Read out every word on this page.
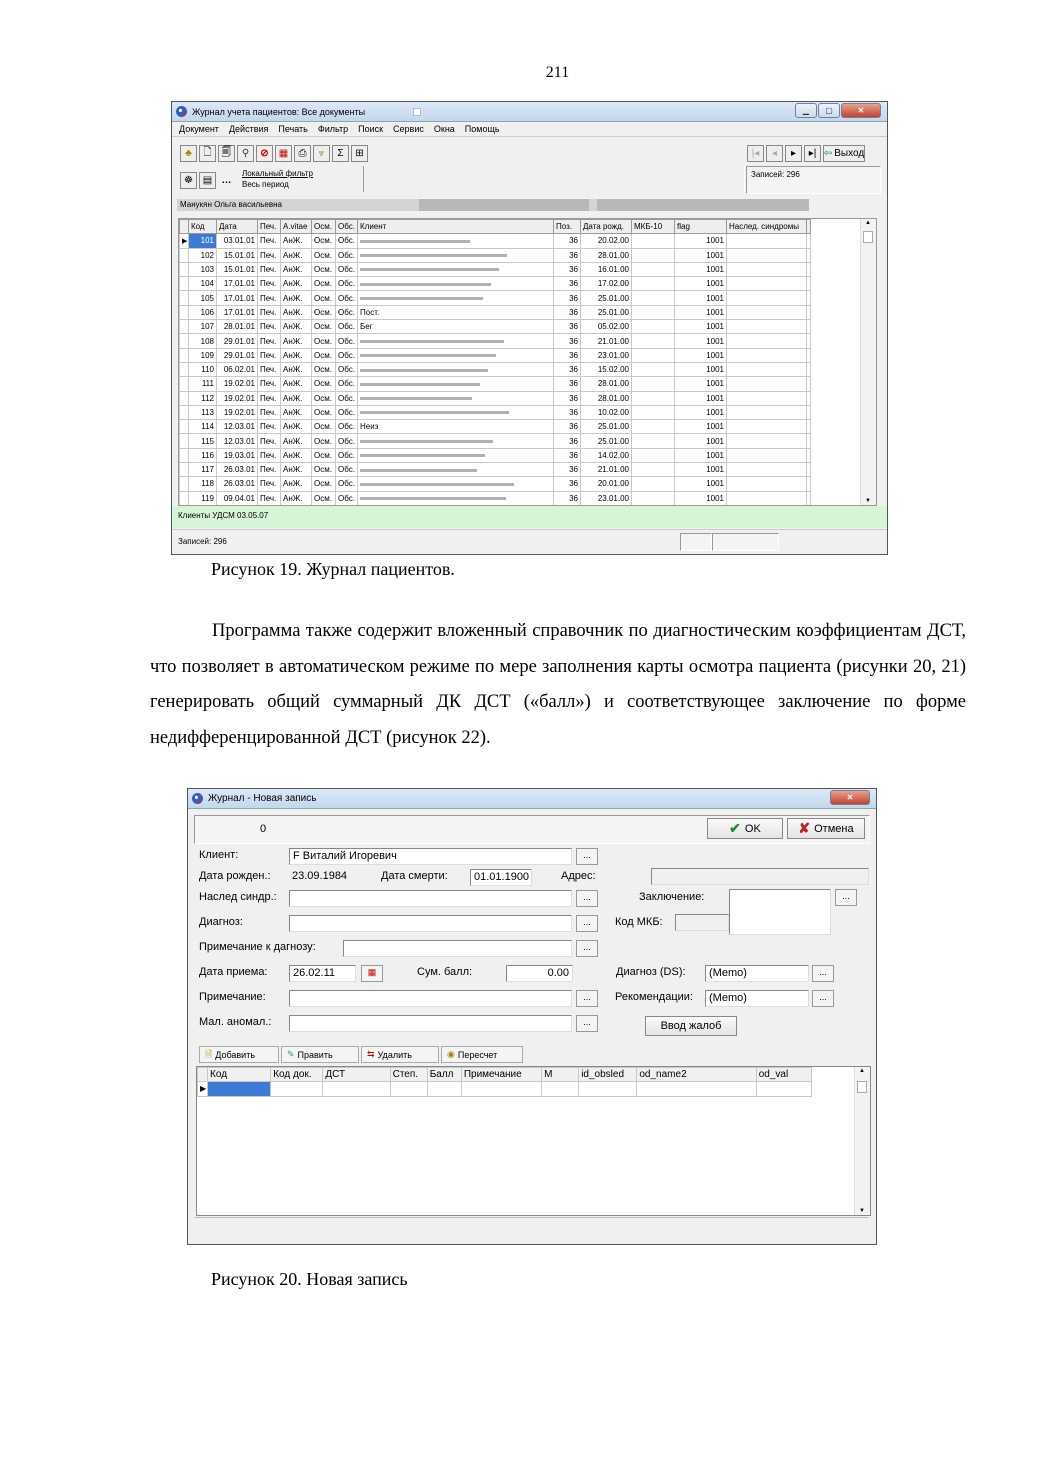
211
Журнал учета пациентов: Все документы	▁	▢	✕
Документ Действия Печать Фильтр Поиск Сервис Окна Помощь
♣	🗋 🗐	⚲	⊘	▦	⎙	⩔	Σ	⊞	|◂	◂	▸	▸| ⇦ Выход
☸ ▤ …
Локальный фильтр
Весь период
Записей: 296
Манукян Ольга васильевна
	Код	Дата	Печ.	A.vitae	Осм.	Обс.	Клиент	Поз.	Дата рожд.	МКБ-10	flag	Наслед. синдромы	
▶	101	03.01.01	Печ.	АнЖ.	Осм.	Обс.		36	20.02.00		1001		
	102	15.01.01	Печ.	АнЖ.	Осм.	Обс.		36	28.01.00		1001		
	103	15.01.01	Печ.	АнЖ.	Осм.	Обс.		36	16.01.00		1001		
	104	17.01.01	Печ.	АнЖ.	Осм.	Обс.		36	17.02.00		1001		
	105	17.01.01	Печ.	АнЖ.	Осм.	Обс.		36	25.01.00		1001		
	106	17.01.01	Печ.	АнЖ.	Осм.	Обс.	Пост.	36	25.01.00		1001		
	107	28.01.01	Печ.	АнЖ.	Осм.	Обс.	Бег	36	05.02.00		1001		
	108	29.01.01	Печ.	АнЖ.	Осм.	Обс.		36	21.01.00		1001		
	109	29.01.01	Печ.	АнЖ.	Осм.	Обс.		36	23.01.00		1001		
	110	06.02.01	Печ.	АнЖ.	Осм.	Обс.		36	15.02.00		1001		
	111	19.02.01	Печ.	АнЖ.	Осм.	Обс.		36	28.01.00		1001		
	112	19.02.01	Печ.	АнЖ.	Осм.	Обс.		36	28.01.00		1001		
	113	19.02.01	Печ.	АнЖ.	Осм.	Обс.		36	10.02.00		1001		
	114	12.03.01	Печ.	АнЖ.	Осм.	Обс.	Неиз	36	25.01.00		1001		
	115	12.03.01	Печ.	АнЖ.	Осм.	Обс.		36	25.01.00		1001		
	116	19.03.01	Печ.	АнЖ.	Осм.	Обс.		36	14.02.00		1001		
	117	26.03.01	Печ.	АнЖ.	Осм.	Обс.		36	21.01.00		1001		
	118	26.03.01	Печ.	АнЖ.	Осм.	Обс.		36	20.01.00		1001		
	119	09.04.01	Печ.	АнЖ.	Осм.	Обс.		36	23.01.00		1001		
▲
▼
Клиенты УДСМ 03.05.07
Записей: 296
Рисунок 19. Журнал пациентов.

Программа также содержит вложенный справочник по диагностическим коэффициентам ДСТ, что позволяет в автоматическом режиме по мере заполнения карты осмотра пациента (рисунки 20, 21) генерировать общий суммарный ДК ДСТ («балл») и соответствующее заключение по форме недифференцированной ДСТ (рисунок 22).

Журнал - Новая запись	✕
0	✔ OK	✘ Отмена
Клиент:	F Виталий Игоревич	...
Дата рожден.: 23.09.1984	Дата смерти:	01.01.1900	Адрес:
Наслед синдр.:	...	Заключение:	...
Диагноз:	...	Код МКБ:
Примечание к дагнозу:	...
Дата приема:	26.02.11	▦	Сум. балл:	0.00	Диагноз (DS):	(Memo)	...
Примечание:	...	Рекомендации:	(Memo)	...
Мал. аномал.:	...	Ввод жалоб
🗎 Добавить	✎ Править	⇆ Удалить	◉ Пересчет
	Код	Код док.	ДСТ	Степ.	Балл	Примечание	М	id_obsled	od_name2	od_val
▶										
▲
▼
Рисунок 20. Новая запись
